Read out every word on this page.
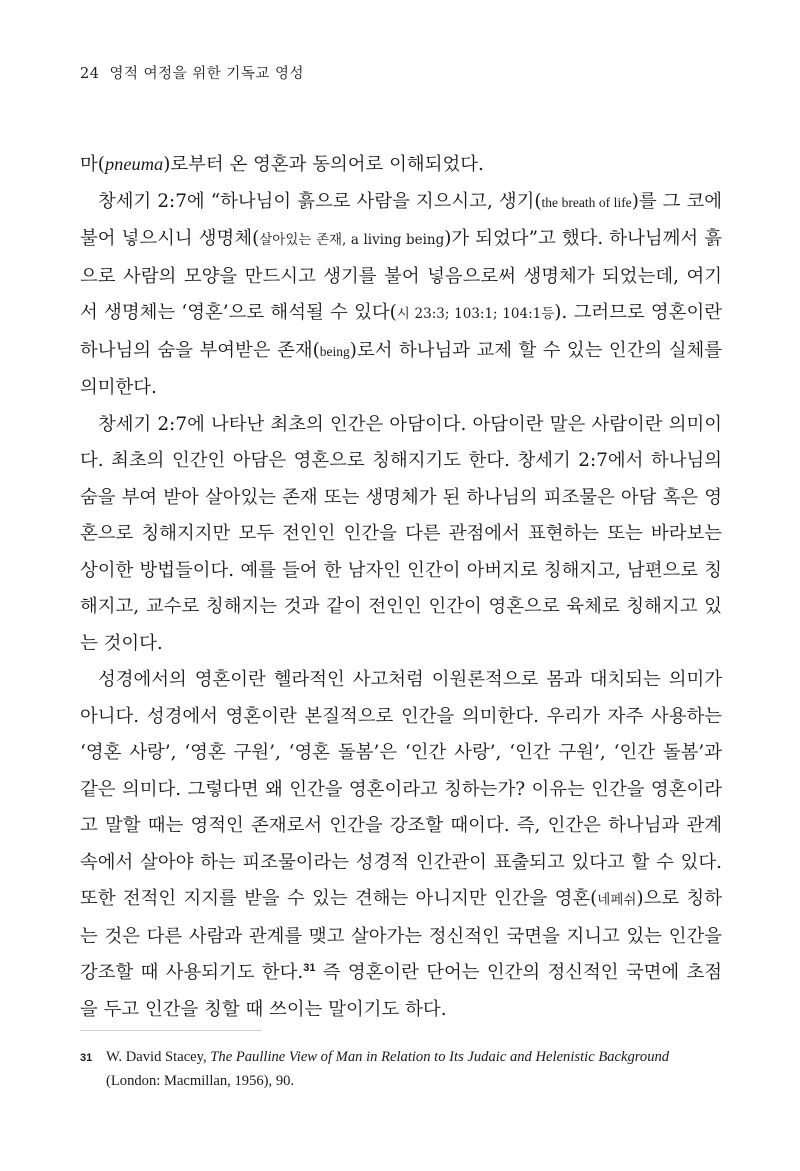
24 영적 여정을 위한 기독교 영성

마(pneuma)로부터 온 영혼과 동의어로 이해되었다.

창세기 2:7에 “하나님이 흙으로 사람을 지으시고, 생기(the breath of life)를 그 코에 불어 넣으시니 생명체(살아있는 존재, a living being)가 되었다”고 했다. 하나님께서 흙으로 사람의 모양을 만드시고 생기를 불어 넣음으로써 생명체가 되었는데, 여기서 생명체는 ‘영혼’으로 해석될 수 있다(시 23:3; 103:1; 104:1등). 그러므로 영혼이란 하나님의 숨을 부여받은 존재(being)로서 하나님과 교제 할 수 있는 인간의 실체를 의미한다.

창세기 2:7에 나타난 최초의 인간은 아담이다. 아담이란 말은 사람이란 의미이다. 최초의 인간인 아담은 영혼으로 칭해지기도 한다. 창세기 2:7에서 하나님의 숨을 부여 받아 살아있는 존재 또는 생명체가 된 하나님의 피조물은 아담 혹은 영혼으로 칭해지지만 모두 전인인 인간을 다른 관점에서 표현하는 또는 바라보는 상이한 방법들이다. 예를 들어 한 남자인 인간이 아버지로 칭해지고, 남편으로 칭해지고, 교수로 칭해지는 것과 같이 전인인 인간이 영혼으로 육체로 칭해지고 있는 것이다.

성경에서의 영혼이란 헬라적인 사고처럼 이원론적으로 몸과 대치되는 의미가 아니다. 성경에서 영혼이란 본질적으로 인간을 의미한다. 우리가 자주 사용하는 ‘영혼 사랑’, ‘영혼 구원’, ‘영혼 돌봄’은 ‘인간 사랑’, ‘인간 구원’, ‘인간 돌봄’과 같은 의미다. 그렇다면 왜 인간을 영혼이라고 칭하는가? 이유는 인간을 영혼이라고 말할 때는 영적인 존재로서 인간을 강조할 때이다. 즉, 인간은 하나님과 관계 속에서 살아야 하는 피조물이라는 성경적 인간관이 표출되고 있다고 할 수 있다. 또한 전적인 지지를 받을 수 있는 견해는 아니지만 인간을 영혼(네페쉬)으로 칭하는 것은 다른 사람과 관계를 맺고 살아가는 정신적인 국면을 지니고 있는 인간을 강조할 때 사용되기도 한다.$^{31}$ 즉 영혼이란 단어는 인간의 정신적인 국면에 초점을 두고 인간을 칭할 때 쓰이는 말이기도 하다.

31 W. David Stacey, The Paulline View of Man in Relation to Its Judaic and Helenistic Background
(London: Macmillan, 1956), 90.
